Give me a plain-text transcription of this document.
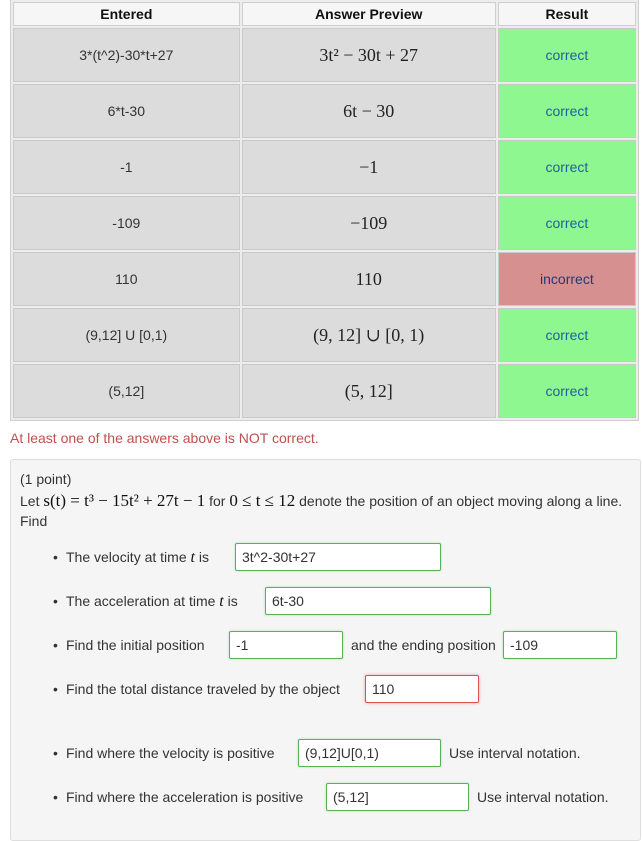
Entered	Answer Preview	Result
3*(t^2)-30*t+27	3t² − 30t + 27	correct
6*t-30	6t − 30	correct
-1	−1	correct
-109	−109	correct
110	110	incorrect
(9,12] U [0,1)	(9, 12] ∪ [0, 1)	correct
(5,12]	(5, 12]	correct
At least one of the answers above is NOT correct.
(1 point)
Let s(t) = t³ − 15t² + 27t − 1 for 0 ≤ t ≤ 12 denote the position of an object moving along a line. Find
• The velocity at time t is
3t^2-30t+27
• The acceleration at time t is
6t-30
• Find the initial position
-1	and the ending position
-109
• Find the total distance traveled by the object
110
• Find where the velocity is positive
(9,12]U[0,1)	Use interval notation.
• Find where the acceleration is positive
(5,12]	Use interval notation.
